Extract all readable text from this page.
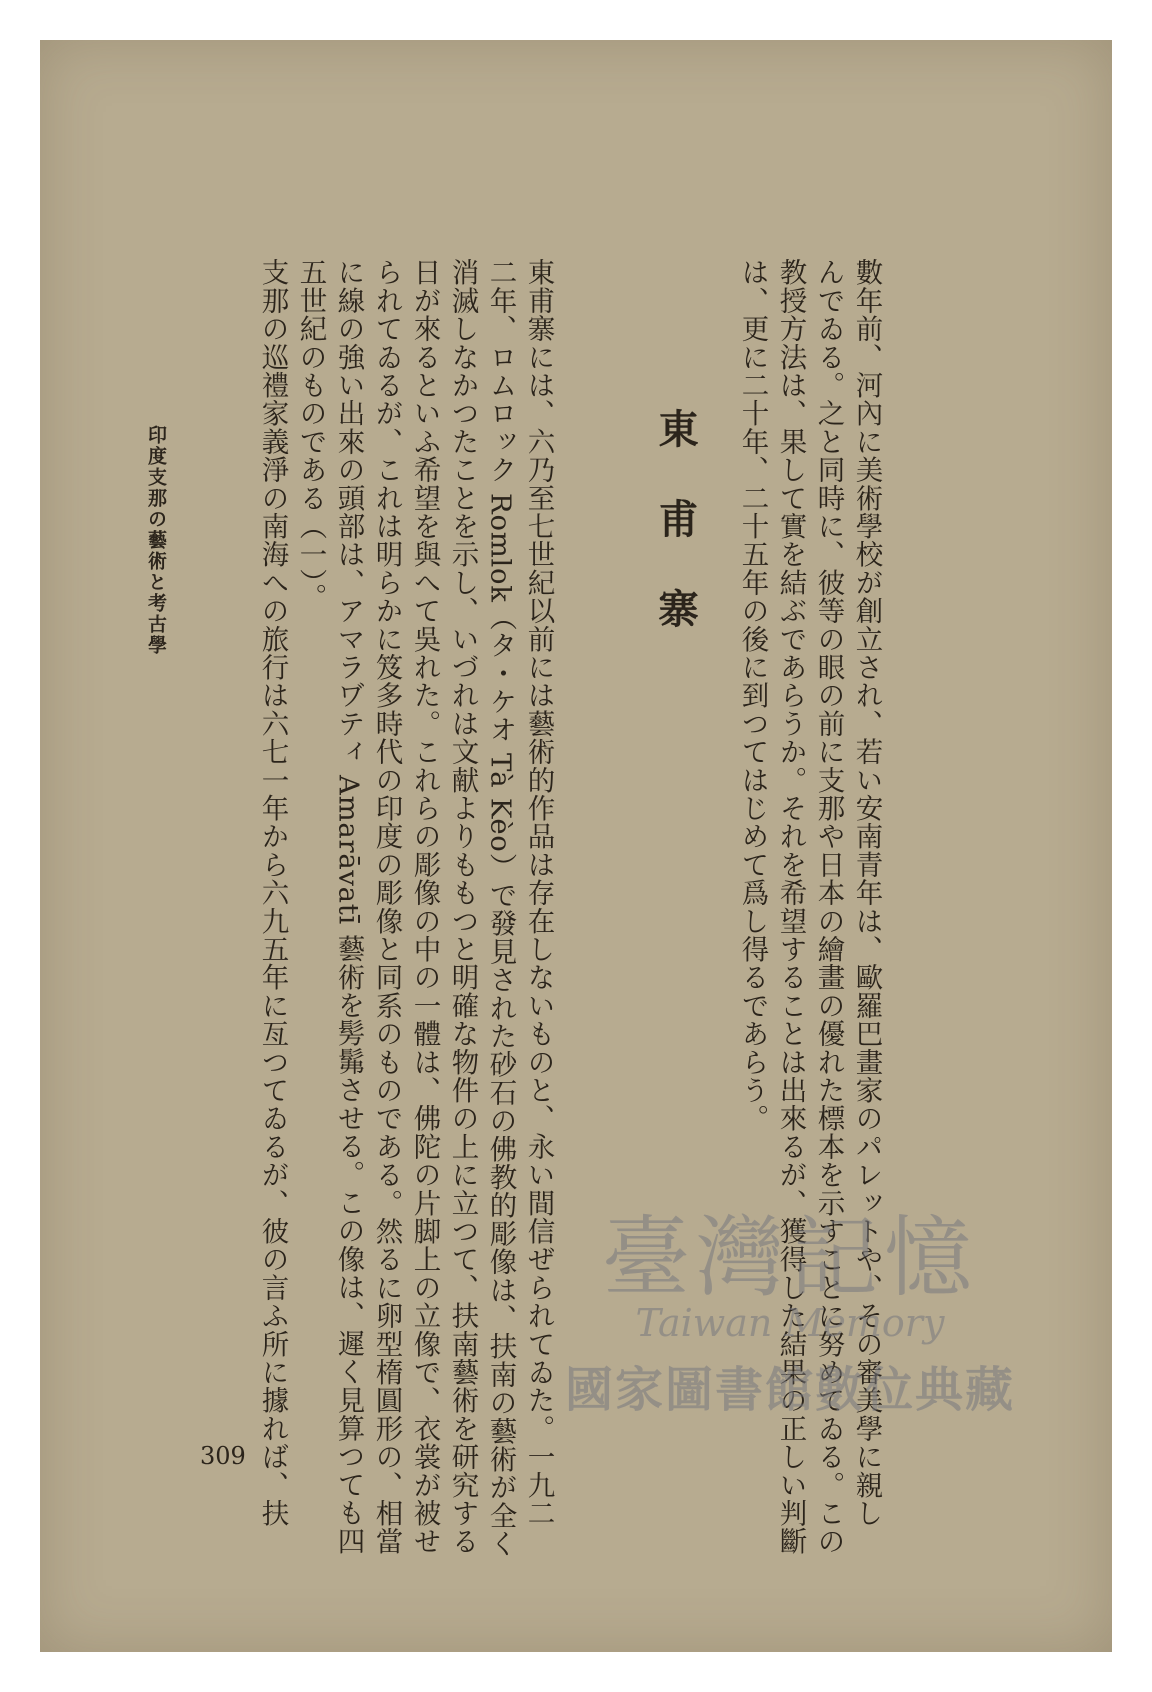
數年前、河內に美術學校が創立され、若い安南青年は、歐羅巴畫家のパレットや、その審美學に親し
んでゐる。之と同時に、彼等の眼の前に支那や日本の繪畫の優れた標本を示すことに努めてゐる。この
教授方法は、果して實を結ぶであらうか。それを希望することは出來るが、獲得した結果の正しい判斷
は、更に二十年、二十五年の後に到つてはじめて爲し得るであらう。
東甫寨
東甫寨には、六乃至七世紀以前には藝術的作品は存在しないものと、永い間信ぜられてゐた。一九二
二年、ロムロック Romlok（タ・ケオ Tà Kèo）で發見された砂石の佛教的彫像は、扶南の藝術が全く
消滅しなかつたことを示し、いづれは文献よりももつと明確な物件の上に立つて、扶南藝術を研究する
日が來るといふ希望を與へて吳れた。これらの彫像の中の一體は、佛陀の片脚上の立像で、衣裳が被せ
られてゐるが、これは明らかに笈多時代の印度の彫像と同系のものである。然るに卵型楕圓形の、相當
に線の強い出來の頭部は、アマラヷティ Amarāvatī 藝術を髣髴させる。この像は、遲く見算つても四
五世紀のものである（一）。
支那の巡禮家義淨の南海への旅行は六七一年から六九五年に亙つてゐるが、彼の言ふ所に據れば、扶
印度支那の藝術と考古學
309
臺灣記憶
Taiwan Memory
國家圖書館數位典藏
